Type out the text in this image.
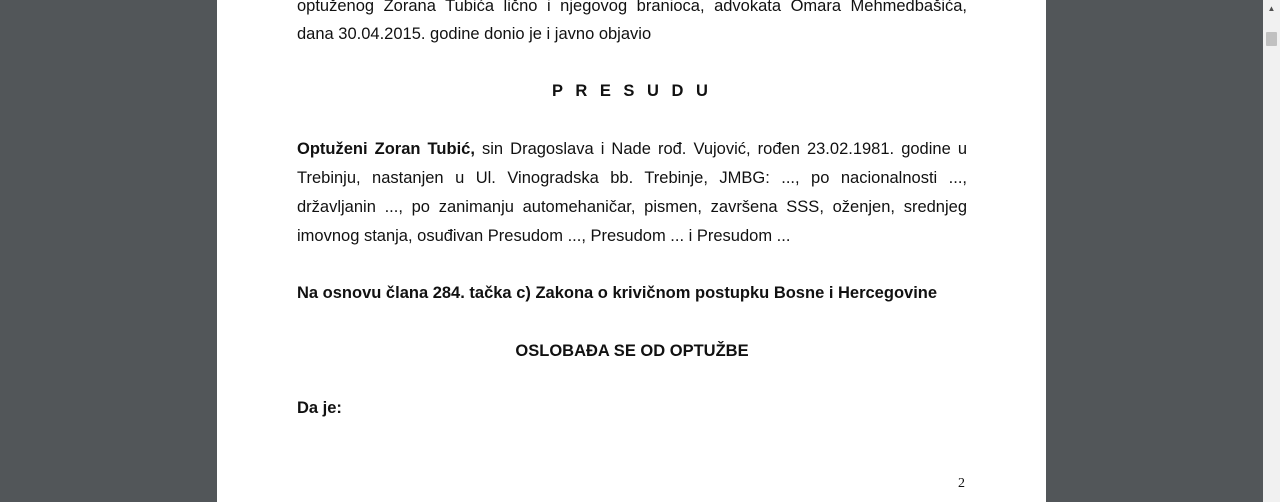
optuženog Zorana Tubića lično i njegovog branioca, advokata Omara Mehmedbašića,
dana 30.04.2015. godine donio je i javno objavio
P R E S U D U
Optuženi Zoran Tubić, sin Dragoslava i Nade rođ. Vujović, rođen 23.02.1981. godine u
Trebinju, nastanjen u Ul. Vinogradska bb. Trebinje, JMBG: ..., po nacionalnosti ...,
državljanin ..., po zanimanju automehaničar, pismen, završena SSS, oženjen, srednjeg
imovnog stanja, osuđivan Presudom ..., Presudom ... i Presudom ...
Na osnovu člana 284. tačka c) Zakona o krivičnom postupku Bosne i Hercegovine
OSLOBAĐA SE OD OPTUŽBE
Da je:
2
▲
